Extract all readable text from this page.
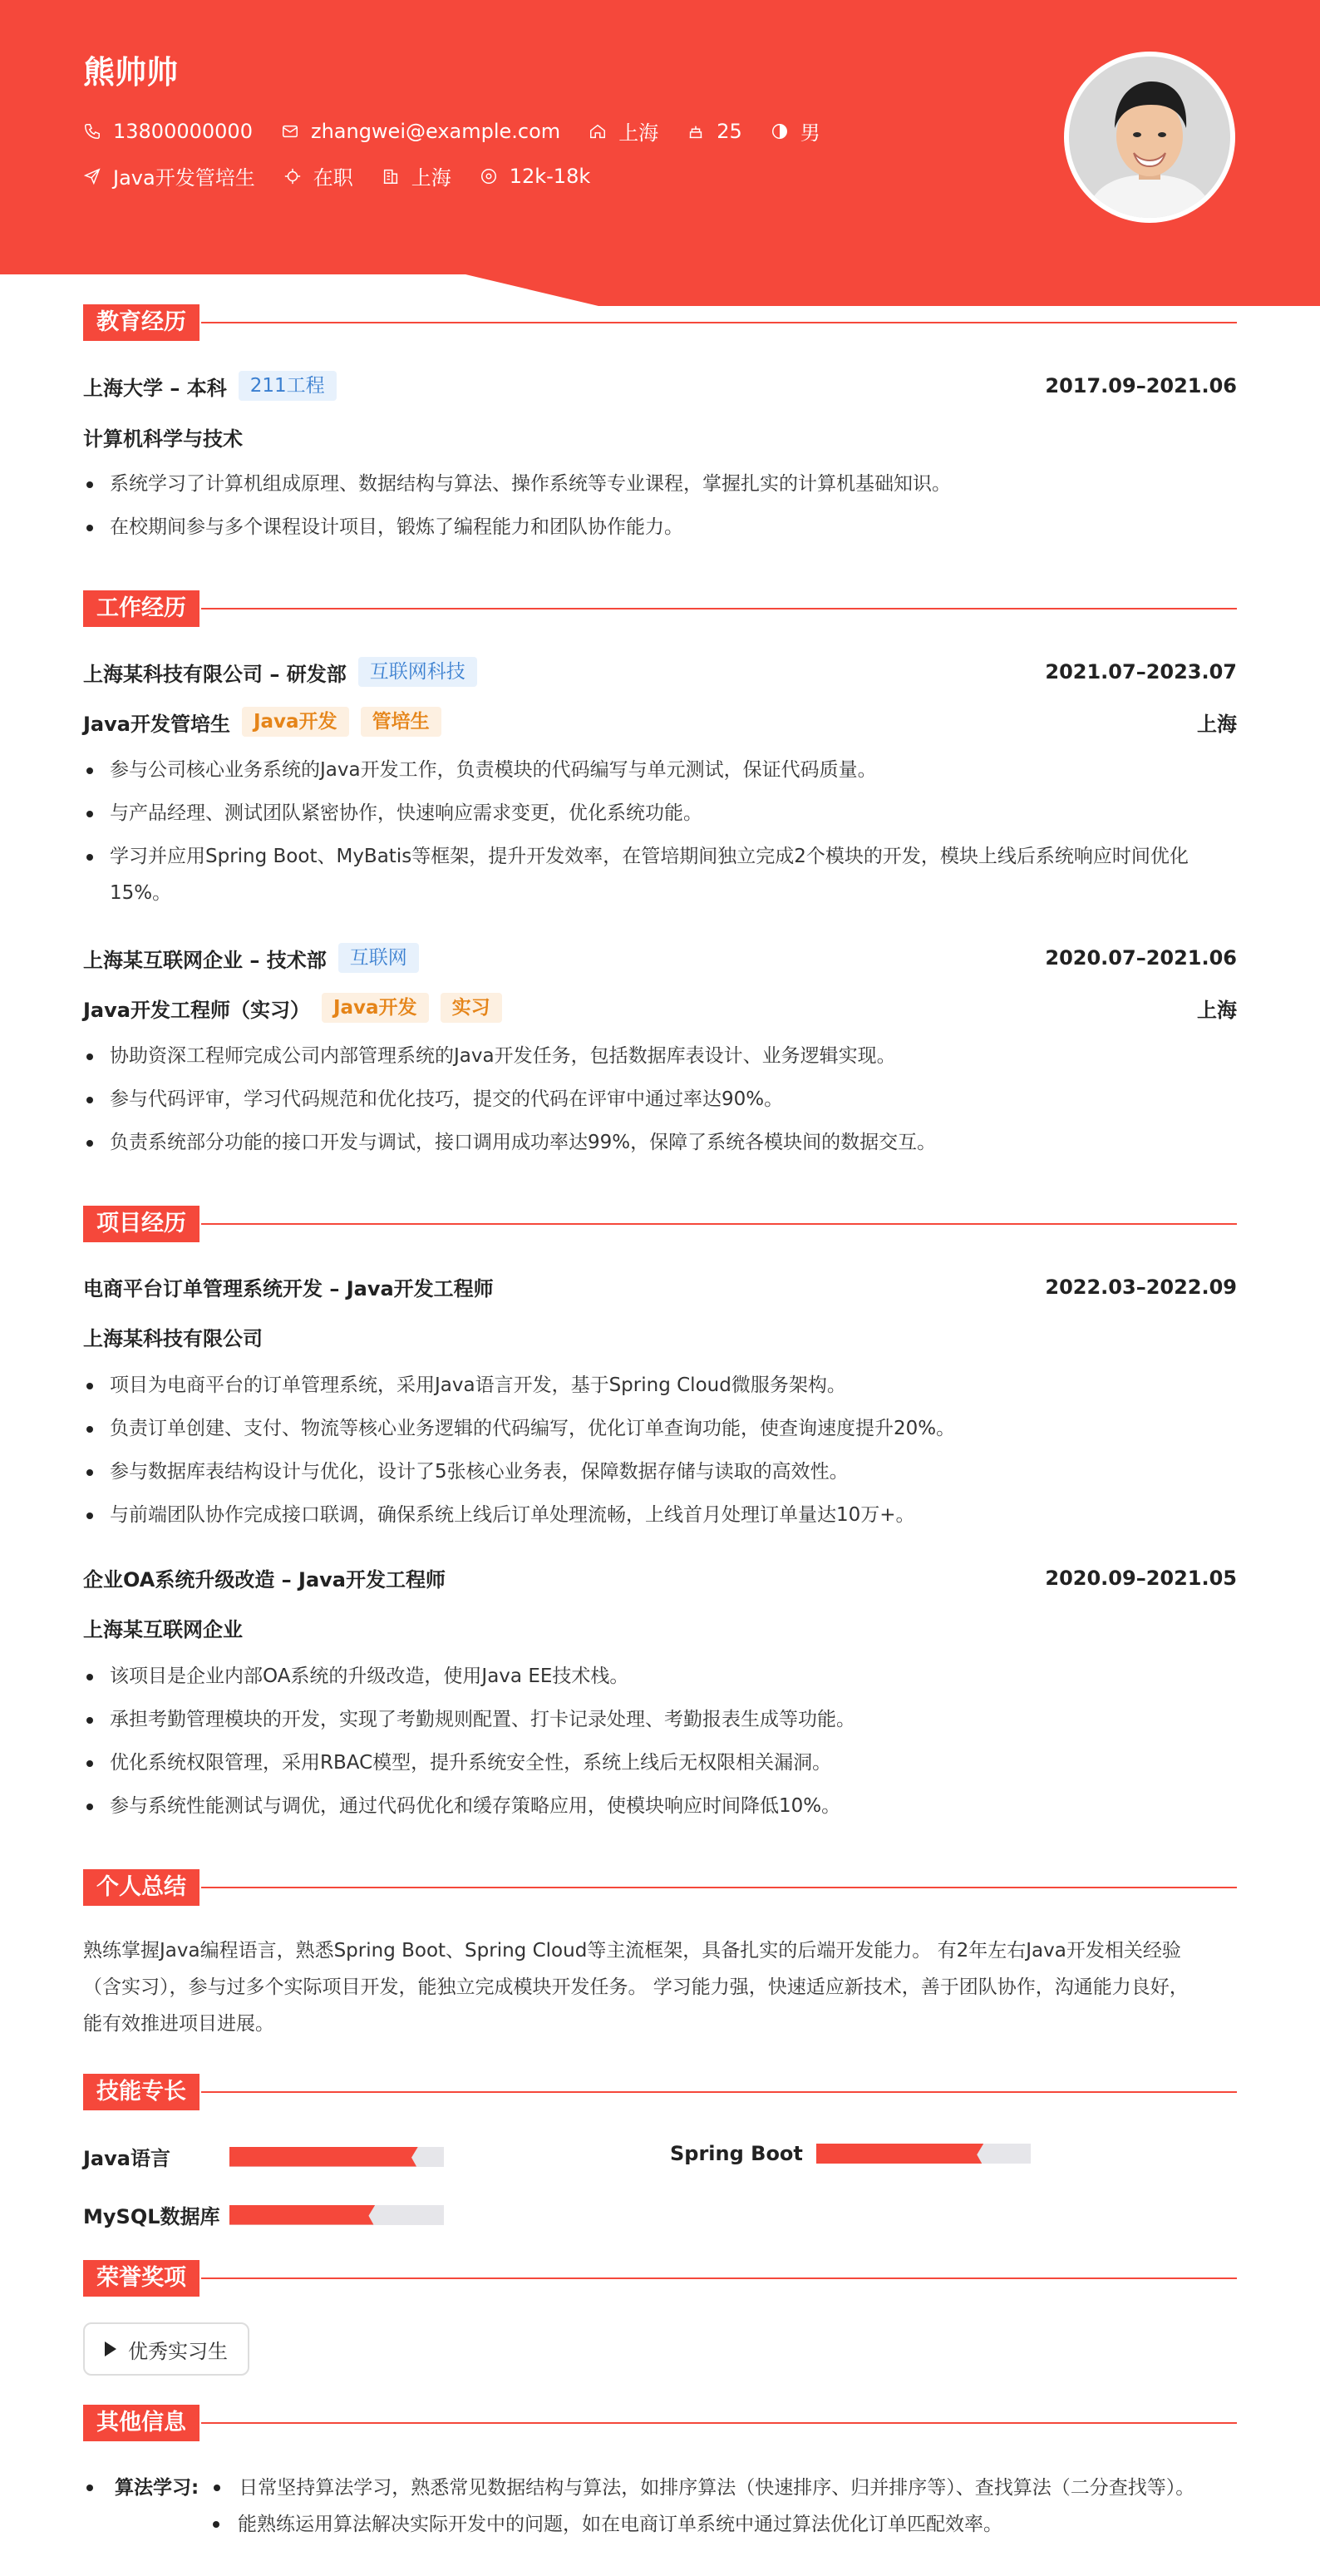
熊帅帅
13800000000	zhangwei@example.com	上海	25	男
Java开发管培生	在职	上海	12k-18k
教育经历
上海大学 – 本科	211工程	2017.09–2021.06
计算机科学与技术
系统学习了计算机组成原理、数据结构与算法、操作系统等专业课程，掌握扎实的计算机基础知识。
在校期间参与多个课程设计项目，锻炼了编程能力和团队协作能力。
工作经历
上海某科技有限公司 – 研发部	互联网科技	2021.07–2023.07
Java开发管培生	Java开发	管培生	上海
参与公司核心业务系统的Java开发工作，负责模块的代码编写与单元测试，保证代码质量。
与产品经理、测试团队紧密协作，快速响应需求变更，优化系统功能。
学习并应用Spring Boot、MyBatis等框架，提升开发效率，在管培期间独立完成2个模块的开发，模块上线后系统响应时间优化15%。
上海某互联网企业 – 技术部	互联网	2020.07–2021.06
Java开发工程师（实习）	Java开发	实习	上海
协助资深工程师完成公司内部管理系统的Java开发任务，包括数据库表设计、业务逻辑实现。
参与代码评审，学习代码规范和优化技巧，提交的代码在评审中通过率达90%。
负责系统部分功能的接口开发与调试，接口调用成功率达99%，保障了系统各模块间的数据交互。
项目经历
电商平台订单管理系统开发 – Java开发工程师	2022.03–2022.09
上海某科技有限公司
项目为电商平台的订单管理系统，采用Java语言开发，基于Spring Cloud微服务架构。
负责订单创建、支付、物流等核心业务逻辑的代码编写，优化订单查询功能，使查询速度提升20%。
参与数据库表结构设计与优化，设计了5张核心业务表，保障数据存储与读取的高效性。
与前端团队协作完成接口联调，确保系统上线后订单处理流畅，上线首月处理订单量达10万+。
企业OA系统升级改造 – Java开发工程师	2020.09–2021.05
上海某互联网企业
该项目是企业内部OA系统的升级改造，使用Java EE技术栈。
承担考勤管理模块的开发，实现了考勤规则配置、打卡记录处理、考勤报表生成等功能。
优化系统权限管理，采用RBAC模型，提升系统安全性，系统上线后无权限相关漏洞。
参与系统性能测试与调优，通过代码优化和缓存策略应用，使模块响应时间降低10%。
个人总结
熟练掌握Java编程语言，熟悉Spring Boot、Spring Cloud等主流框架，具备扎实的后端开发能力。 有2年左右Java开发相关经验
（含实习），参与过多个实际项目开发，能独立完成模块开发任务。 学习能力强，快速适应新技术，善于团队协作，沟通能力良好，
能有效推进项目进展。
技能专长
Java语言	Spring Boot
MySQL数据库
荣誉奖项
优秀实习生
其他信息
算法学习: 日常坚持算法学习，熟悉常见数据结构与算法，如排序算法（快速排序、归并排序等）、查找算法（二分查找等）。
能熟练运用算法解决实际开发中的问题，如在电商订单系统中通过算法优化订单匹配效率。
